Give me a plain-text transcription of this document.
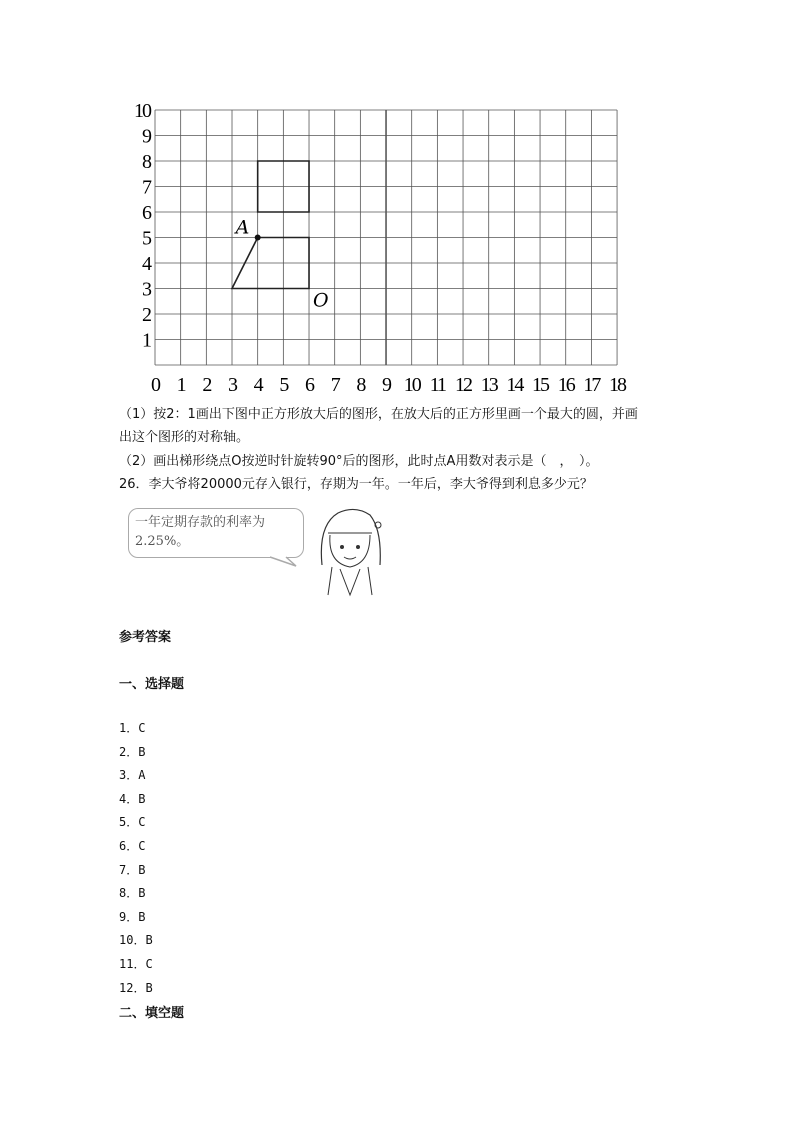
A
O
0 1 2 3 4 5 6 7 8 9 10 11 12 13 14 15 16 17 18
1
2
3
4
5
6
7
8
9
10
（1）按2：1画出下图中正方形放大后的图形，在放大后的正方形里画一个最大的圆，并画
出这个图形的对称轴。
（2）画出梯形绕点O按逆时针旋转90°后的图形，此时点A用数对表示是（　，　）。
26．李大爷将20000元存入银行，存期为一年。一年后，李大爷得到利息多少元？
一年定期存款的利率为
2.25%。
参考答案
一、选择题
1．C
2．B
3．A
4．B
5．C
6．C
7．B
8．B
9．B
10．B
11．C
12．B
二、填空题
